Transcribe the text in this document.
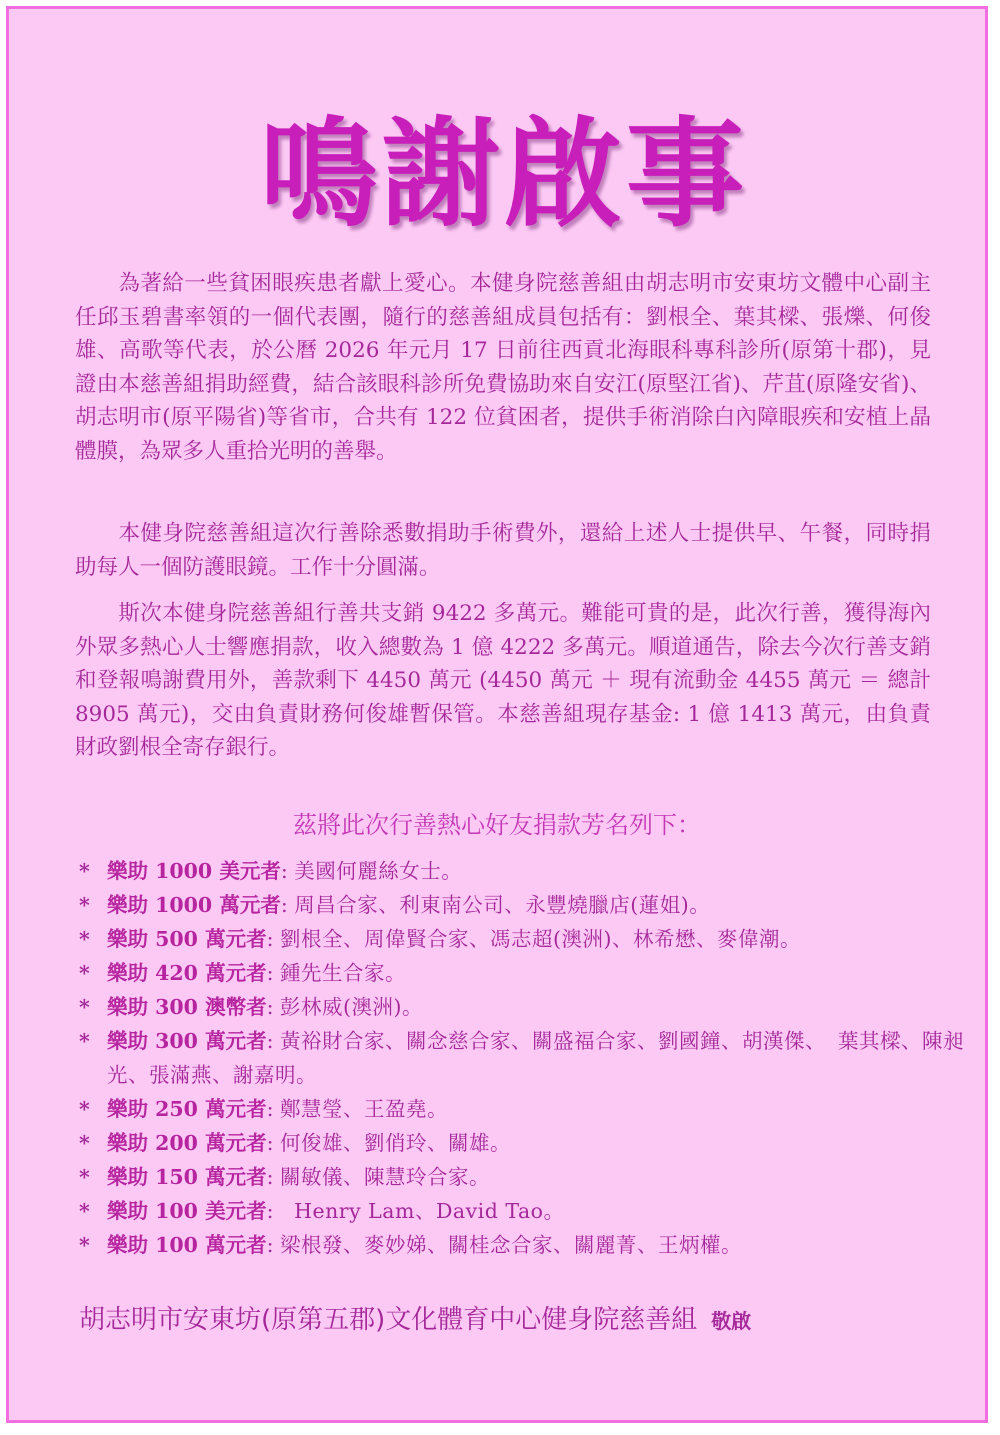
鳴謝啟事

為著給一些貧困眼疾患者獻上愛心。本健身院慈善組由胡志明市安東坊文體中心副主任邱玉碧書率領的一個代表團，隨行的慈善組成員包括有：劉根全、葉其樑、張爍、何俊雄、高歌等代表，於公曆 2026 年元月 17 日前往西貢北海眼科專科診所(原第十郡)，見證由本慈善組捐助經費，結合該眼科診所免費協助來自安江(原堅江省)、芹苴(原隆安省)、胡志明市(原平陽省)等省市，合共有 122 位貧困者，提供手術消除白內障眼疾和安植上晶體膜，為眾多人重拾光明的善舉。

本健身院慈善組這次行善除悉數捐助手術費外，還給上述人士提供早、午餐，同時捐助每人一個防護眼鏡。工作十分圓滿。

斯次本健身院慈善組行善共支銷 9422 多萬元。難能可貴的是，此次行善，獲得海內外眾多熱心人士響應捐款，收入總數為 1 億 4222 多萬元。順道通告，除去今次行善支銷和登報鳴謝費用外，善款剩下 4450 萬元 (4450 萬元 ＋ 現有流動金 4455 萬元 ＝ 總計 8905 萬元)，交由負責財務何俊雄暫保管。本慈善組現存基金: 1 億 1413 萬元，由負責財政劉根全寄存銀行。

茲將此次行善熱心好友捐款芳名列下：
* 樂助 1000 美元者: 美國何麗絲女士。
* 樂助 1000 萬元者: 周昌合家、利東南公司、永豐燒臘店(蓮姐)。
* 樂助 500 萬元者: 劉根全、周偉賢合家、馮志超(澳洲)、林希懋、麥偉潮。
* 樂助 420 萬元者: 鍾先生合家。
* 樂助 300 澳幣者: 彭林威(澳洲)。
* 樂助 300 萬元者: 黃裕財合家、關念慈合家、關盛福合家、劉國鐘、胡漢傑、 葉其樑、陳昶光、張滿燕、謝嘉明。
* 樂助 250 萬元者: 鄭慧瑩、王盈堯。
* 樂助 200 萬元者: 何俊雄、劉俏玲、關雄。
* 樂助 150 萬元者: 關敏儀、陳慧玲合家。
* 樂助 100 美元者:   Henry Lam、David Tao。
* 樂助 100 萬元者: 梁根發、麥妙娣、關桂念合家、關麗菁、王炳權。
胡志明市安東坊(原第五郡)文化體育中心健身院慈善組 敬啟
